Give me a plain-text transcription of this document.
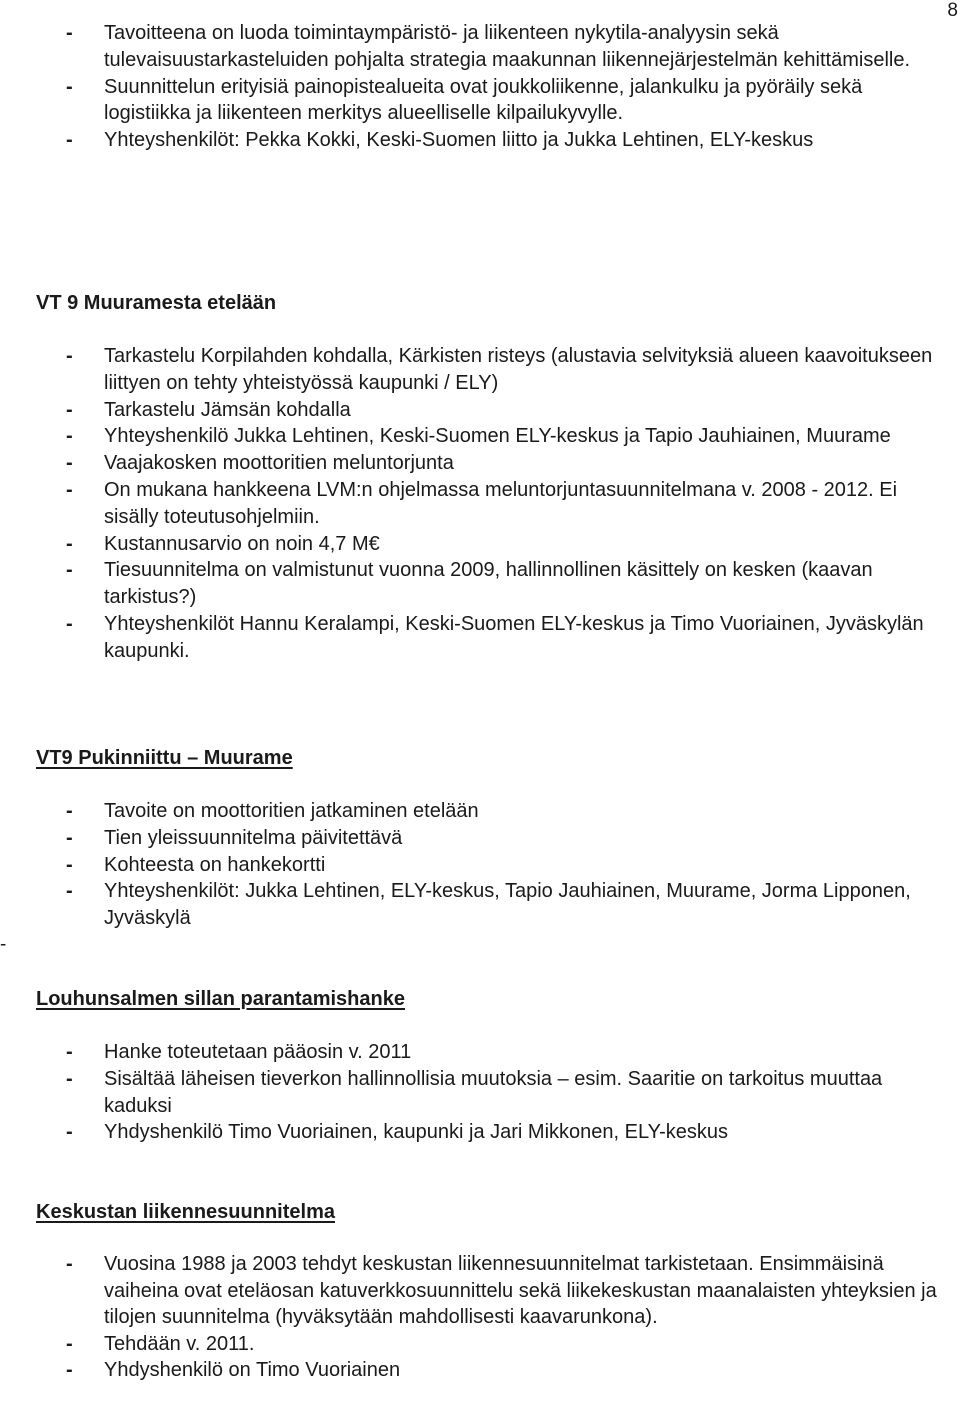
8
-
- Tavoitteena on luoda toimintaympäristö- ja liikenteen nykytila-analyysin sekä tulevaisuustarkasteluiden pohjalta strategia maakunnan liikennejärjestelmän kehittämiselle.
- Suunnittelun erityisiä painopistealueita ovat joukkoliikenne, jalankulku ja pyöräily sekä logistiikka ja liikenteen merkitys alueelliselle kilpailukyvylle.
- Yhteyshenkilöt: Pekka Kokki, Keski-Suomen liitto ja Jukka Lehtinen, ELY-keskus
VT 9 Muuramesta etelään
- Tarkastelu Korpilahden kohdalla, Kärkisten risteys (alustavia selvityksiä alueen kaavoitukseen liittyen on tehty yhteistyössä kaupunki / ELY)
- Tarkastelu Jämsän kohdalla
- Yhteyshenkilö Jukka Lehtinen, Keski-Suomen ELY-keskus ja Tapio Jauhiainen, Muurame
- Vaajakosken moottoritien meluntorjunta
- On mukana hankkeena LVM:n ohjelmassa meluntorjuntasuunnitelmana v. 2008 - 2012. Ei sisälly toteutusohjelmiin.
- Kustannusarvio on noin 4,7 M€
- Tiesuunnitelma on valmistunut vuonna 2009, hallinnollinen käsittely on kesken (kaavan tarkistus?)
- Yhteyshenkilöt Hannu Keralampi, Keski-Suomen ELY-keskus ja Timo Vuoriainen, Jyväskylän kaupunki.
VT9 Pukinniittu – Muurame
- Tavoite on moottoritien jatkaminen etelään
- Tien yleissuunnitelma päivitettävä
- Kohteesta on hankekortti
- Yhteyshenkilöt: Jukka Lehtinen, ELY-keskus, Tapio Jauhiainen, Muurame, Jorma Lipponen, Jyväskylä
Louhunsalmen sillan parantamishanke
- Hanke toteutetaan pääosin v. 2011
- Sisältää läheisen tieverkon hallinnollisia muutoksia – esim. Saaritie on tarkoitus muuttaa kaduksi
- Yhdyshenkilö Timo Vuoriainen, kaupunki ja Jari Mikkonen, ELY-keskus
Keskustan liikennesuunnitelma
- Vuosina 1988 ja 2003 tehdyt keskustan liikennesuunnitelmat tarkistetaan. Ensimmäisinä vaiheina ovat eteläosan katuverkkosuunnittelu sekä liikekeskustan maanalaisten yhteyksien ja tilojen suunnitelma (hyväksytään mahdollisesti kaavarunkona).
- Tehdään v. 2011.
- Yhdyshenkilö on Timo Vuoriainen
